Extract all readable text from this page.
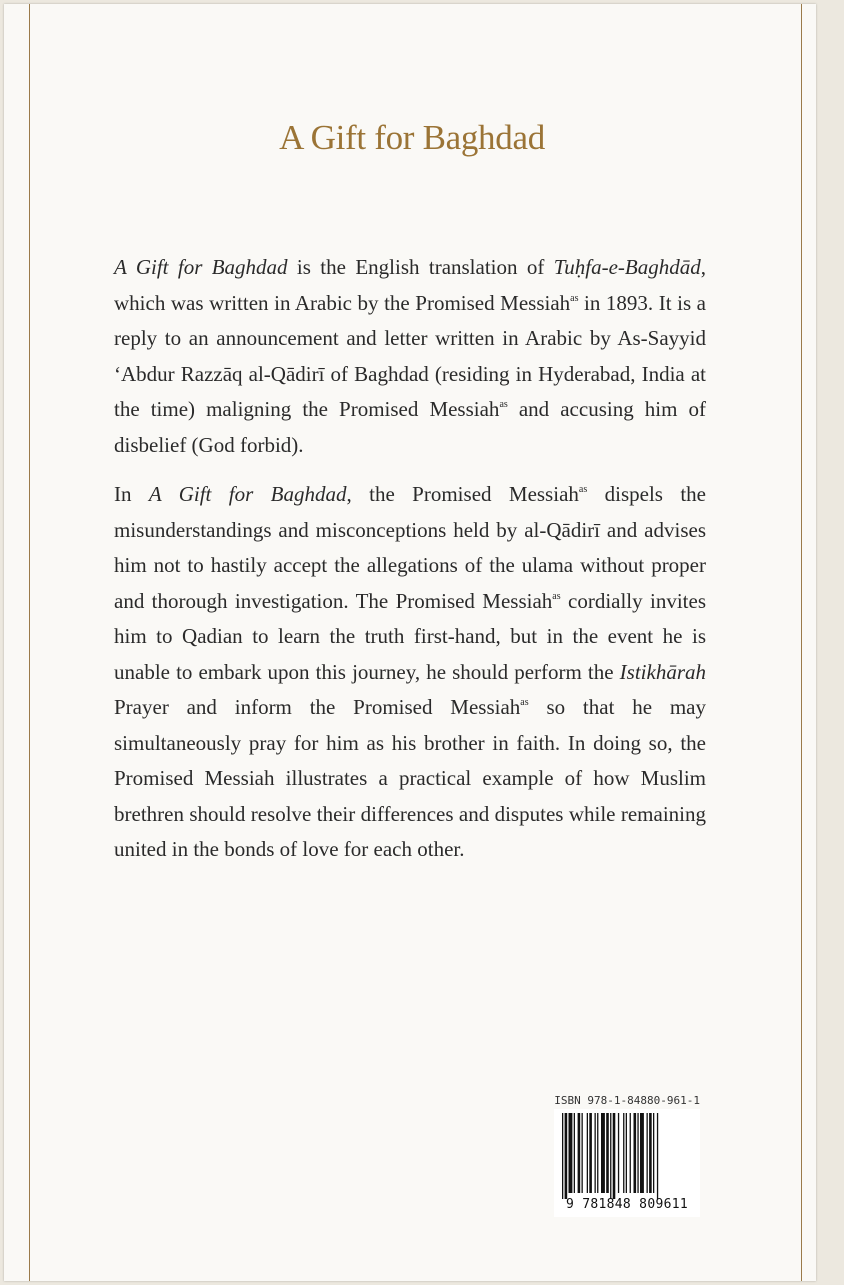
A Gift for Baghdad

A Gift for Baghdad is the English translation of Tuḥfa-e-Baghdād, which was written in Arabic by the Promised Messiah$^{as}$ in 1893. It is a reply to an announcement and letter written in Arabic by As-Sayyid ‘Abdur Razzāq al-Qādirī of Baghdad (residing in Hyderabad, India at the time) maligning the Promised Messiah$^{as}$ and accusing him of disbelief (God forbid).

In A Gift for Baghdad, the Promised Messiah$^{as}$ dispels the misunderstandings and misconceptions held by al-Qādirī and advises him not to hastily accept the allegations of the ulama without proper and thorough investigation. The Promised Messiah$^{as}$ cordially invites him to Qadian to learn the truth first-hand, but in the event he is unable to embark upon this journey, he should perform the Istikhārah Prayer and inform the Promised Messiah$^{as}$ so that he may simultaneously pray for him as his brother in faith. In doing so, the Promised Messiah illustrates a practical example of how Muslim brethren should resolve their differences and disputes while remaining united in the bonds of love for each other.

ISBN 978-1-84880-961-1
9 781848 809611
